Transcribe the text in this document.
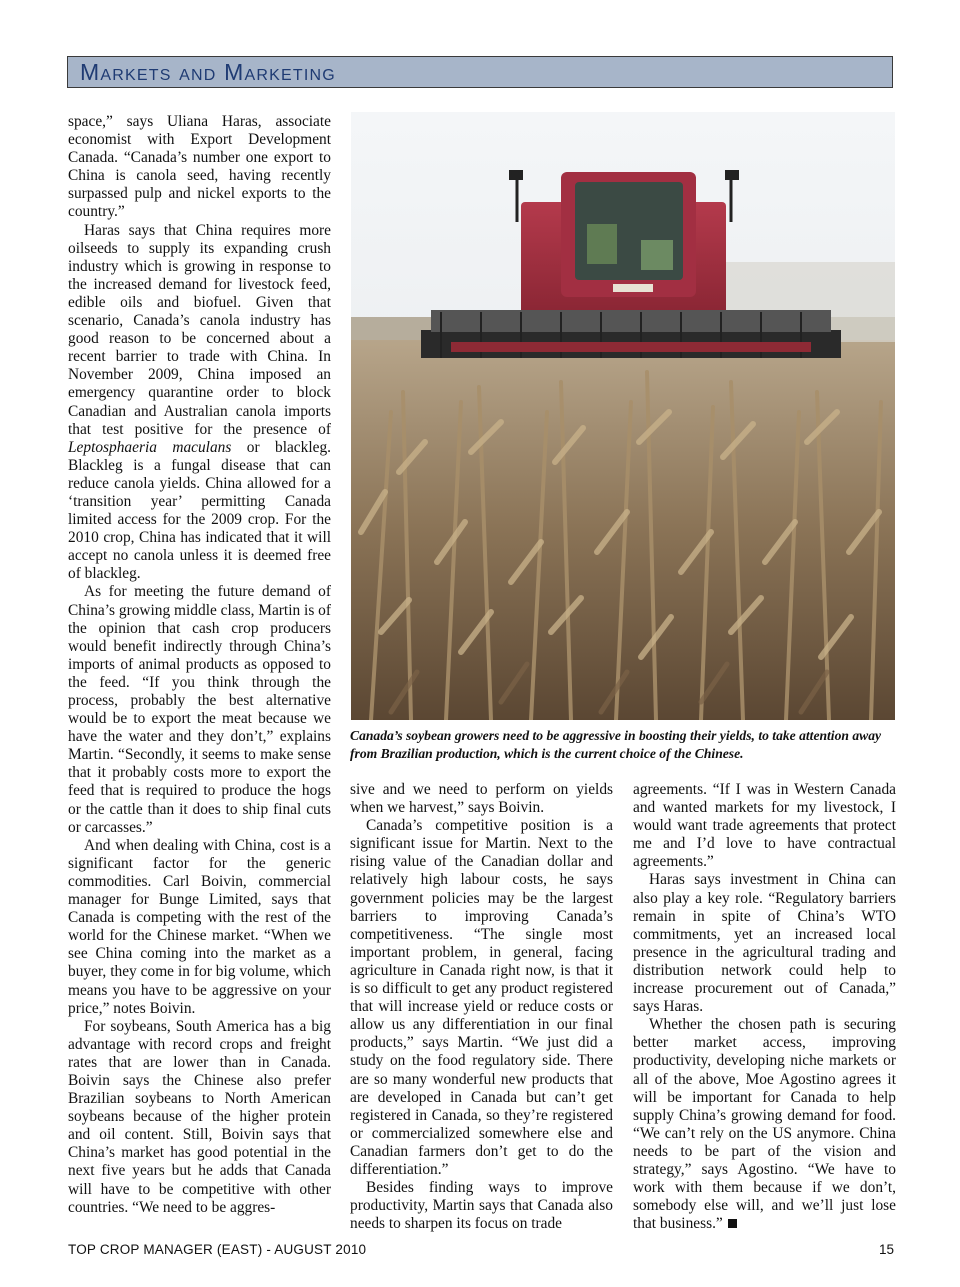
Markets and Marketing

space,” says Uliana Haras, associate economist with Export Development Canada. “Canada’s number one export to China is canola seed, having recently surpassed pulp and nickel exports to the country.”

Haras says that China requires more oilseeds to supply its expanding crush industry which is growing in response to the increased demand for livestock feed, edible oils and biofuel. Given that scenario, Canada’s canola industry has good reason to be concerned about a recent barrier to trade with China. In November 2009, China imposed an emergency quarantine order to block Canadian and Australian canola imports that test positive for the presence of Leptosphaeria maculans or blackleg. Blackleg is a fungal disease that can reduce canola yields. China allowed for a ‘transition year’ permitting Canada limited access for the 2009 crop. For the 2010 crop, China has indicated that it will accept no canola unless it is deemed free of blackleg.

As for meeting the future demand of China’s growing middle class, Martin is of the opinion that cash crop producers would benefit indirectly through China’s imports of animal products as opposed to the feed. “If you think through the process, probably the best alternative would be to export the meat because we have the water and they don’t,” explains Martin. “Secondly, it seems to make sense that it probably costs more to export the feed that is required to produce the hogs or the cattle than it does to ship final cuts or carcasses.”

And when dealing with China, cost is a significant factor for the generic commodities. Carl Boivin, commercial manager for Bunge Limited, says that Canada is competing with the rest of the world for the Chinese market. “When we see China coming into the market as a buyer, they come in for big volume, which means you have to be aggressive on your price,” notes Boivin.

For soybeans, South America has a big advantage with record crops and freight rates that are lower than in Canada. Boivin says the Chinese also prefer Brazilian soybeans to North American soybeans because of the higher protein and oil content. Still, Boivin says that China’s market has good potential in the next five years but he adds that Canada will have to be competitive with other countries. “We need to be aggres-

Canada’s soybean growers need to be aggressive in boosting their yields, to take attention away from Brazilian production, which is the current choice of the Chinese.

sive and we need to perform on yields when we harvest,” says Boivin.

Canada’s competitive position is a significant issue for Martin. Next to the rising value of the Canadian dollar and relatively high labour costs, he says government policies may be the largest barriers to improving Canada’s competitiveness. “The single most important problem, in general, facing agriculture in Canada right now, is that it is so difficult to get any product registered that will increase yield or reduce costs or allow us any differentiation in our final products,” says Martin. “We just did a study on the food regulatory side. There are so many wonderful new products that are developed in Canada but can’t get registered in Canada, so they’re registered or commercialized somewhere else and Canadian farmers don’t get to do the differentiation.”

Besides finding ways to improve productivity, Martin says that Canada also needs to sharpen its focus on trade

agreements. “If I was in Western Canada and wanted markets for my livestock, I would want trade agreements that protect me and I’d love to have contractual agreements.”

Haras says investment in China can also play a key role. “Regulatory barriers remain in spite of China’s WTO commitments, yet an increased local presence in the agricultural trading and distribution network could help to increase procurement out of Canada,” says Haras.

Whether the chosen path is securing better market access, improving productivity, developing niche markets or all of the above, Moe Agostino agrees it will be important for Canada to help supply China’s growing demand for food. “We can’t rely on the US anymore. China needs to be part of the vision and strategy,” says Agostino. “We have to work with them because if we don’t, somebody else will, and we’ll just lose that business.”

TOP CROP MANAGER (EAST) - AUGUST 2010	15
